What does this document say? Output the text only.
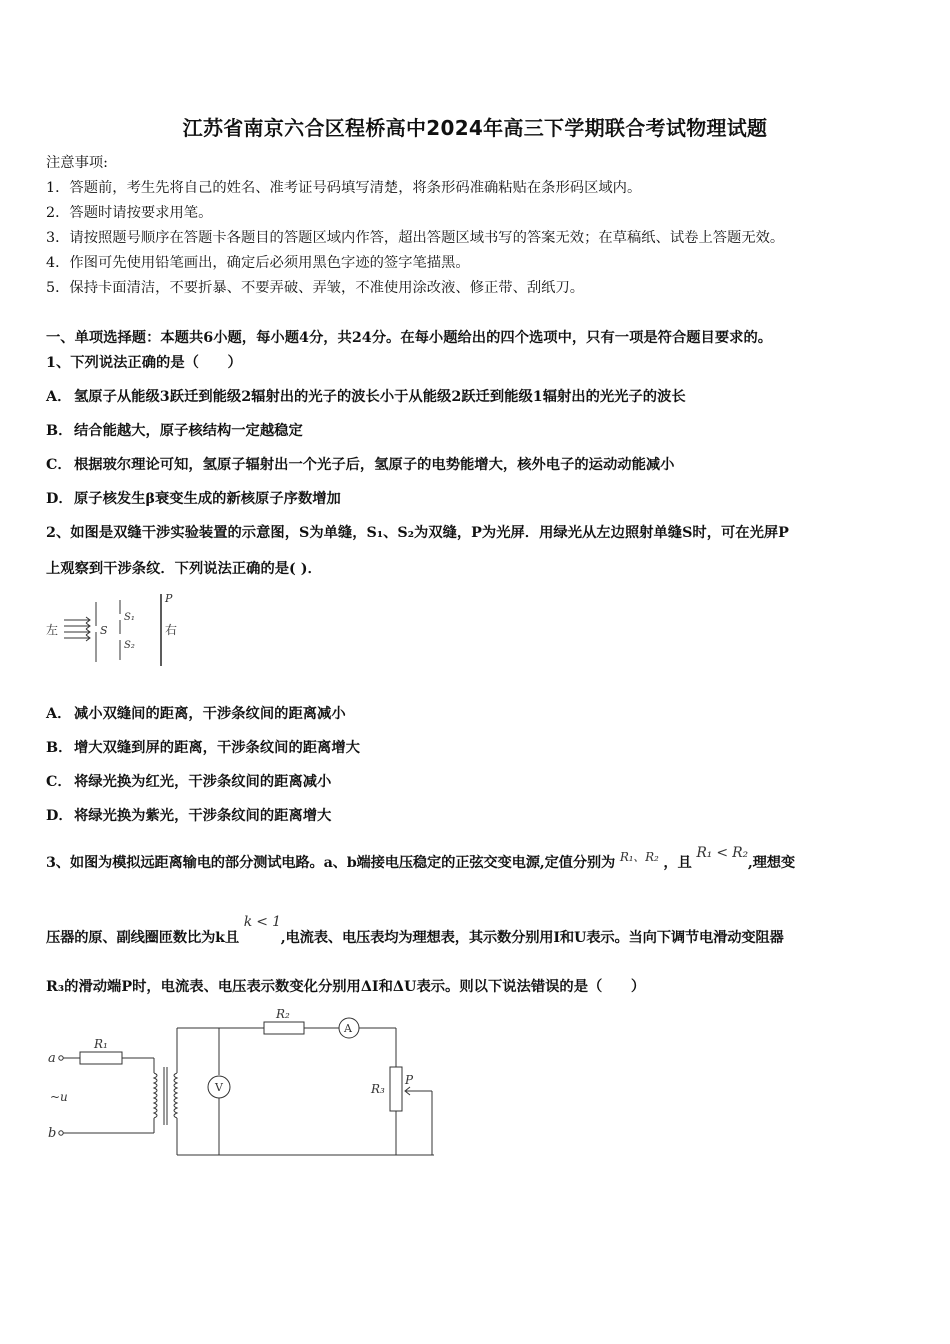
江苏省南京六合区程桥高中2024年高三下学期联合考试物理试题
注意事项:
1．答题前，考生先将自己的姓名、准考证号码填写清楚，将条形码准确粘贴在条形码区域内。
2．答题时请按要求用笔。
3．请按照题号顺序在答题卡各题目的答题区域内作答，超出答题区域书写的答案无效；在草稿纸、试卷上答题无效。
4．作图可先使用铅笔画出，确定后必须用黑色字迹的签字笔描黑。
5．保持卡面清洁，不要折暴、不要弄破、弄皱，不准使用涂改液、修正带、刮纸刀。
一、单项选择题：本题共6小题，每小题4分，共24分。在每小题给出的四个选项中，只有一项是符合题目要求的。
1、下列说法正确的是（　　）
A． 氢原子从能级3跃迁到能级2辐射出的光子的波长小于从能级2跃迁到能级1辐射出的光光子的波长
B． 结合能越大，原子核结构一定越稳定
C． 根据玻尔理论可知，氢原子辐射出一个光子后，氢原子的电势能增大，核外电子的运动动能减小
D．原子核发生β衰变生成的新核原子序数增加
2、如图是双缝干涉实验装置的示意图，S为单缝，S₁、S₂为双缝，P为光屏．用绿光从左边照射单缝S时，可在光屏P
上观察到干涉条纹．下列说法正确的是( )．
左	S
S₁
S₂
P
右
A． 减小双缝间的距离，干涉条纹间的距离减小
B． 增大双缝到屏的距离，干涉条纹间的距离增大
C． 将绿光换为红光，干涉条纹间的距离减小
D．将绿光换为紫光，干涉条纹间的距离增大
3、如图为模拟远距离输电的部分测试电路。a、b端接电压稳定的正弦交变电源,定值分别为 $^{R_1、R_2}$ ，且 R₁ < R₂,理想变
压器的原、副线圈匝数比为k且 k < 1,电流表、电压表均为理想表，其示数分别用I和U表示。当向下调节电滑动变阻器
R₃的滑动端P时，电流表、电压表示数变化分别用ΔI和ΔU表示。则以下说法错误的是（　　）
a
b
~u
R₁
R₂
R₃
P
A
V
